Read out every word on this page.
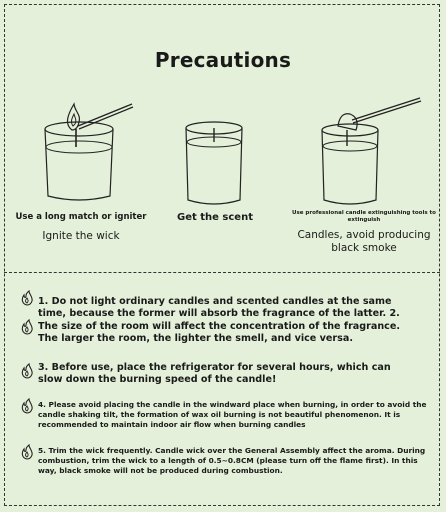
Precautions
Use a long match or igniter
Ignite the wick
Get the scent	Use professional candle extinguishing tools to extinguish
Candles, avoid producing black smoke
1. Do not light ordinary candles and scented candles at the same time, because the former will absorb the fragrance of the latter. 2. The size of the room will affect the concentration of the fragrance. The larger the room, the lighter the smell, and vice versa.
3. Before use, place the refrigerator for several hours, which can slow down the burning speed of the candle!
4. Please avoid placing the candle in the windward place when burning, in order to avoid the candle shaking tilt, the formation of wax oil burning is not beautiful phenomenon. It is recommended to maintain indoor air flow when burning candles
5. Trim the wick frequently. Candle wick over the General Assembly affect the aroma. During combustion, trim the wick to a length of 0.5~0.8CM (please turn off the flame first). In this way, black smoke will not be produced during combustion.
